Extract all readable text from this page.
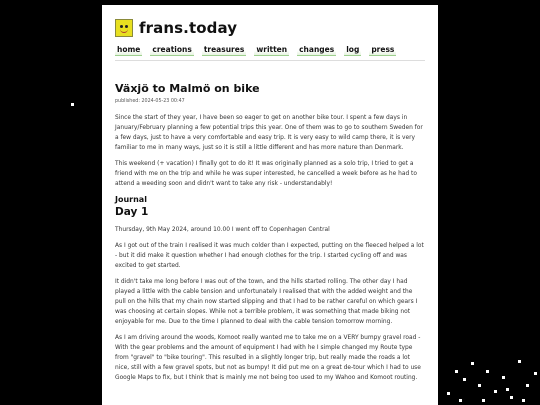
frans.today
home creations treasures written changes log press
Växjö to Malmö on bike
published: 2024-05-23 00:47

Since the start of they year, I have been so eager to get on another bike tour. I spent a few days in January/February planning a few potential trips this year. One of them was to go to southern Sweden for a few days, just to have a very comfortable and easy trip. It is very easy to wild camp there, it is very familiar to me in many ways, just so it is still a little different and has more nature than Denmark.

This weekend (+ vacation) I finally got to do it! It was originally planned as a solo trip, I tried to get a friend with me on the trip and while he was super interested, he cancelled a week before as he had to attend a weeding soon and didn't want to take any risk - understandably!

Journal
Day 1

Thursday, 9th May 2024, around 10.00 I went off to Copenhagen Central

As I got out of the train I realised it was much colder than I expected, putting on the fleeced helped a lot - but it did make it question whether I had enough clothes for the trip. I started cycling off and was excited to get started.

It didn't take me long before I was out of the town, and the hills started rolling. The other day I had played a little with the cable tension and unfortunately I realised that with the added weight and the pull on the hills that my chain now started slipping and that I had to be rather careful on which gears I was choosing at certain slopes. While not a terrible problem, it was something that made biking not enjoyable for me. Due to the time I planned to deal with the cable tension tomorrow morning.

As I am driving around the woods, Komoot really wanted me to take me on a VERY bumpy gravel road - With the gear problems and the amount of equipment I had with he I simple changed my Route type from "gravel" to "bike touring". This resulted in a slightly longer trip, but really made the roads a lot nice, still with a few gravel spots, but not as bumpy! It did put me on a great de-tour which I had to use Google Maps to fix, but I think that is mainly me not being too used to my Wahoo and Komoot routing.
